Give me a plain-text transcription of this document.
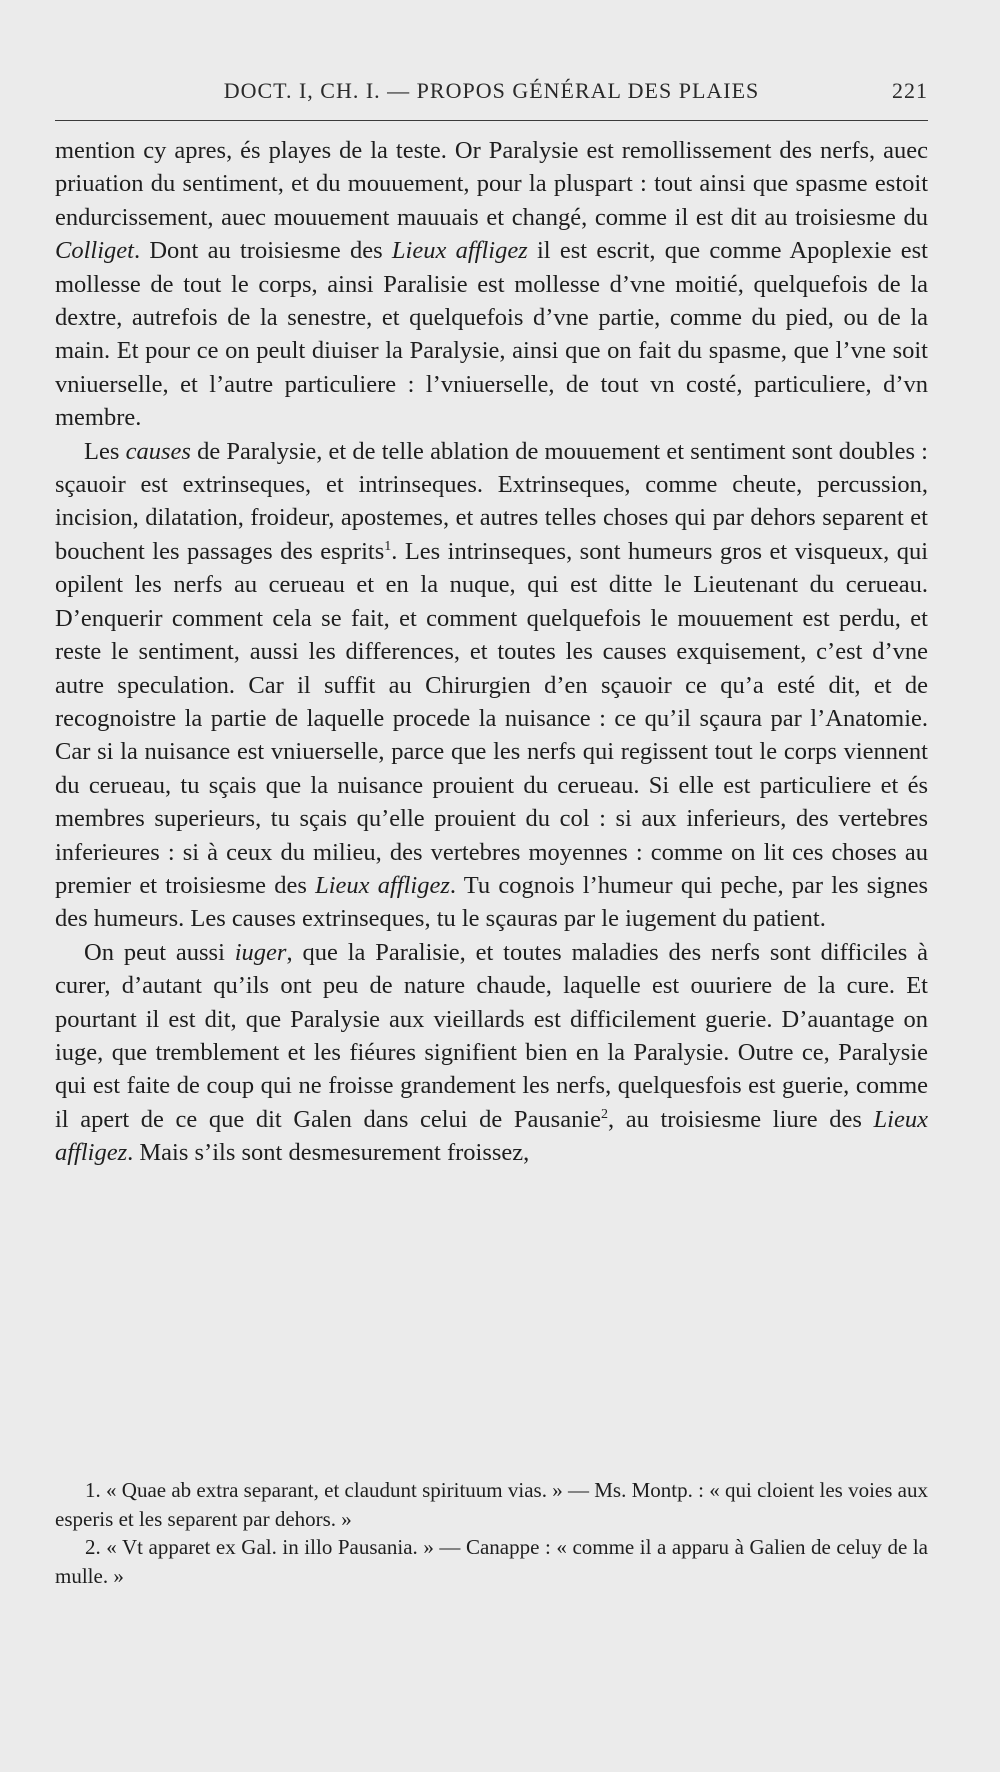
DOCT. I, CH. I. — PROPOS GÉNÉRAL DES PLAIES	221

mention cy apres, és playes de la teste. Or Paralysie est remollissement des nerfs, auec priuation du sentiment, et du mouuement, pour la pluspart : tout ainsi que spasme estoit endurcissement, auec mouuement mauuais et changé, comme il est dit au troisiesme du Colliget. Dont au troisiesme des Lieux affligez il est escrit, que comme Apoplexie est mollesse de tout le corps, ainsi Paralisie est mollesse d’vne moitié, quelquefois de la dextre, autrefois de la senestre, et quelquefois d’vne partie, comme du pied, ou de la main. Et pour ce on peult diuiser la Paralysie, ainsi que on fait du spasme, que l’vne soit vniuerselle, et l’autre particuliere : l’vniuerselle, de tout vn costé, particuliere, d’vn membre.

Les causes de Paralysie, et de telle ablation de mouuement et sentiment sont doubles : sçauoir est extrinseques, et intrinseques. Extrinseques, comme cheute, percussion, incision, dilatation, froideur, apostemes, et autres telles choses qui par dehors separent et bouchent les passages des esprits$^1$. Les intrinseques, sont humeurs gros et visqueux, qui opilent les nerfs au cerueau et en la nuque, qui est ditte le Lieutenant du cerueau. D’enquerir comment cela se fait, et comment quelquefois le mouuement est perdu, et reste le sentiment, aussi les differences, et toutes les causes exquisement, c’est d’vne autre speculation. Car il suffit au Chirurgien d’en sçauoir ce qu’a esté dit, et de recognoistre la partie de laquelle procede la nuisance : ce qu’il sçaura par l’Anatomie. Car si la nuisance est vniuerselle, parce que les nerfs qui regissent tout le corps viennent du cerueau, tu sçais que la nuisance prouient du cerueau. Si elle est particuliere et és membres superieurs, tu sçais qu’elle prouient du col : si aux inferieurs, des vertebres inferieures : si à ceux du milieu, des vertebres moyennes : comme on lit ces choses au premier et troisiesme des Lieux affligez. Tu cognois l’humeur qui peche, par les signes des humeurs. Les causes extrinseques, tu le sçauras par le iugement du patient.

On peut aussi iuger, que la Paralisie, et toutes maladies des nerfs sont difficiles à curer, d’autant qu’ils ont peu de nature chaude, laquelle est ouuriere de la cure. Et pourtant il est dit, que Paralysie aux vieillards est difficilement guerie. D’auantage on iuge, que tremblement et les fiéures signifient bien en la Paralysie. Outre ce, Paralysie qui est faite de coup qui ne froisse grandement les nerfs, quelquesfois est guerie, comme il apert de ce que dit Galen dans celui de Pausanie$^2$, au troisiesme liure des Lieux affligez. Mais s’ils sont desmesurement froissez,

1. « Quae ab extra separant, et claudunt spirituum vias. » — Ms. Montp. : « qui cloient les voies aux esperis et les separent par dehors. »

2. « Vt apparet ex Gal. in illo Pausania. » — Canappe : « comme il a apparu à Galien de celuy de la mulle. »
